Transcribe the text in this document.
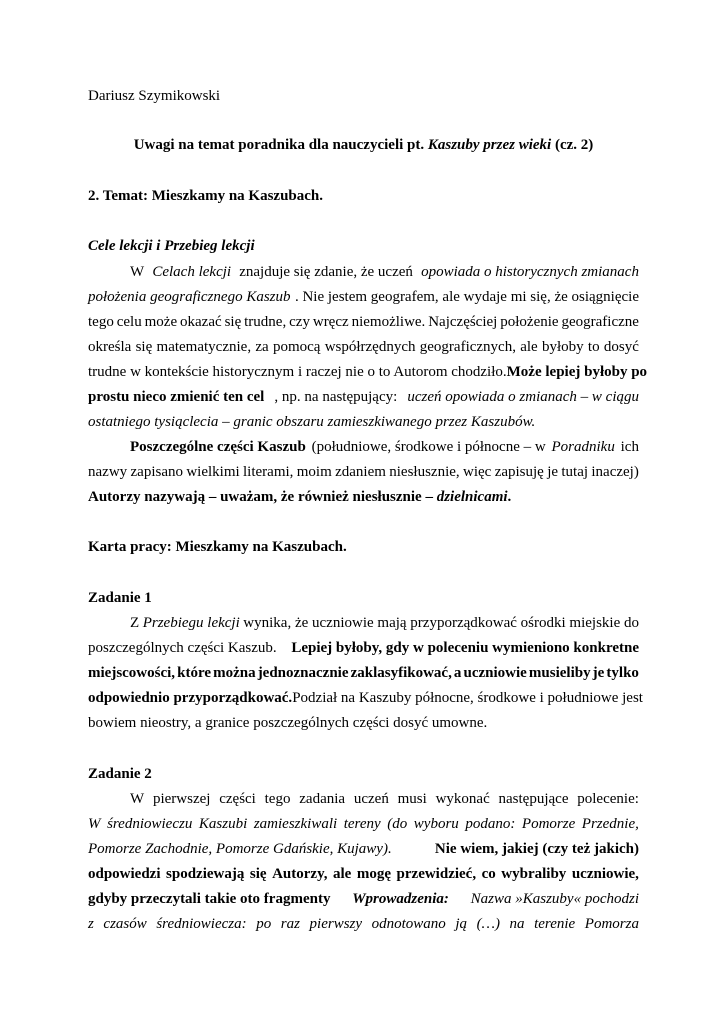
Dariusz Szymikowski
Uwagi na temat poradnika dla nauczycieli pt. Kaszuby przez wieki (cz. 2)
2. Temat: Mieszkamy na Kaszubach.
Cele lekcji i Przebieg lekcji
W Celach lekcji znajduje się zdanie, że uczeń opowiada o historycznych zmianach
położenia geograficznego Kaszub . Nie jestem geografem, ale wydaje mi się, że osiągnięcie
tego celu może okazać się trudne, czy wręcz niemożliwe. Najczęściej położenie geograficzne
określa się matematycznie, za pomocą współrzędnych geograficznych, ale byłoby to dosyć
trudne w kontekście historycznym i raczej nie o to Autorom chodziło. Może lepiej byłoby po
prostu nieco zmienić ten cel , np. na następujący: uczeń opowiada o zmianach – w ciągu
ostatniego tysiąclecia – granic obszaru zamieszkiwanego przez Kaszubów.
Poszczególne części Kaszub (południowe, środkowe i północne – w Poradniku ich
nazwy zapisano wielkimi literami, moim zdaniem niesłusznie, więc zapisuję je tutaj inaczej)
Autorzy nazywają – uważam, że również niesłusznie – dzielnicami.
Karta pracy: Mieszkamy na Kaszubach.
Zadanie 1
Z Przebiegu lekcji wynika, że uczniowie mają przyporządkować ośrodki miejskie do
poszczególnych części Kaszub. Lepiej byłoby, gdy w poleceniu wymieniono konkretne
miejscowości, które można jednoznacznie zaklasyfikować, a uczniowie musieliby je tylko
odpowiednio przyporządkować. Podział na Kaszuby północne, środkowe i południowe jest
bowiem nieostry, a granice poszczególnych części dosyć umowne.
Zadanie 2
W pierwszej części tego zadania uczeń musi wykonać następujące polecenie:
W średniowieczu Kaszubi zamieszkiwali tereny (do wyboru podano: Pomorze Przednie,
Pomorze Zachodnie, Pomorze Gdańskie, Kujawy).	Nie wiem, jakiej (czy też jakich)
odpowiedzi spodziewają się Autorzy, ale mogę przewidzieć, co wybraliby uczniowie,
gdyby przeczytali takie oto fragmenty Wprowadzenia: Nazwa »Kaszuby« pochodzi
z czasów średniowiecza: po raz pierwszy odnotowano ją (…) na terenie Pomorza
